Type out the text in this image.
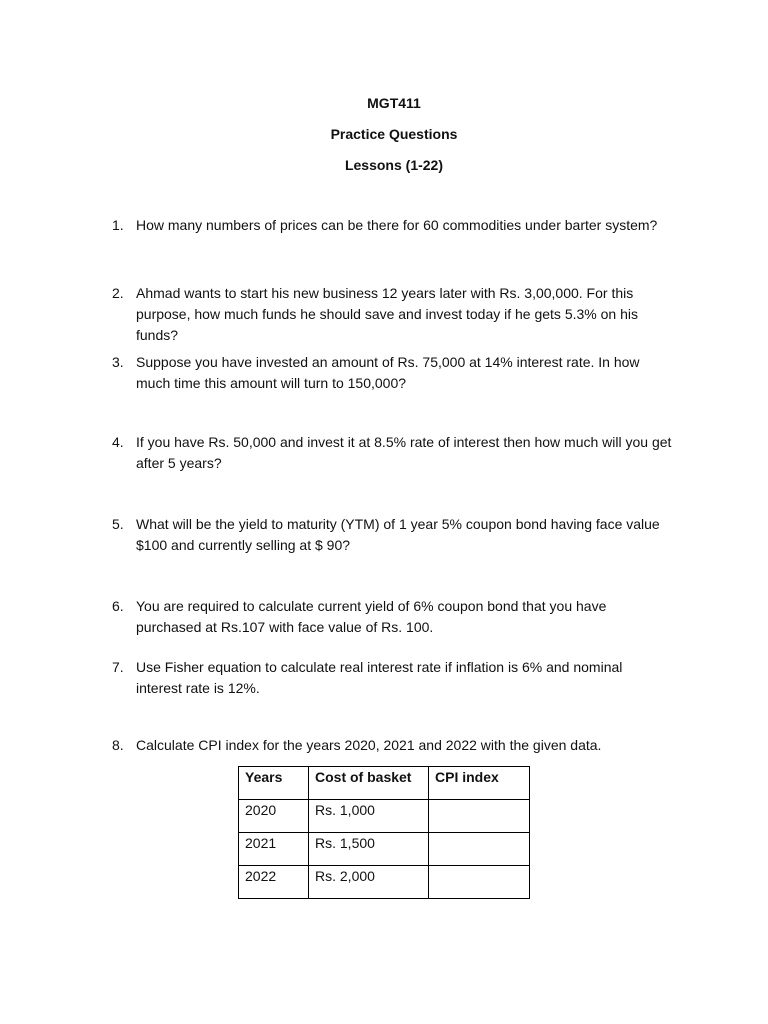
MGT411
Practice Questions
Lessons (1-22)
1. How many numbers of prices can be there for 60 commodities under barter system?
2. Ahmad wants to start his new business 12 years later with Rs. 3,00,000. For this purpose, how much funds he should save and invest today if he gets 5.3% on his funds?
3. Suppose you have invested an amount of Rs. 75,000 at 14% interest rate. In how much time this amount will turn to 150,000?
4. If you have Rs. 50,000 and invest it at 8.5% rate of interest then how much will you get after 5 years?
5. What will be the yield to maturity (YTM) of 1 year 5% coupon bond having face value $100 and currently selling at $ 90?
6. You are required to calculate current yield of 6% coupon bond that you have purchased at Rs.107 with face value of Rs. 100.
7. Use Fisher equation to calculate real interest rate if inflation is 6% and nominal interest rate is 12%.
8. Calculate CPI index for the years 2020, 2021 and 2022 with the given data.
Years	Cost of basket	CPI index
2020	Rs. 1,000	
2021	Rs. 1,500	
2022	Rs. 2,000	
